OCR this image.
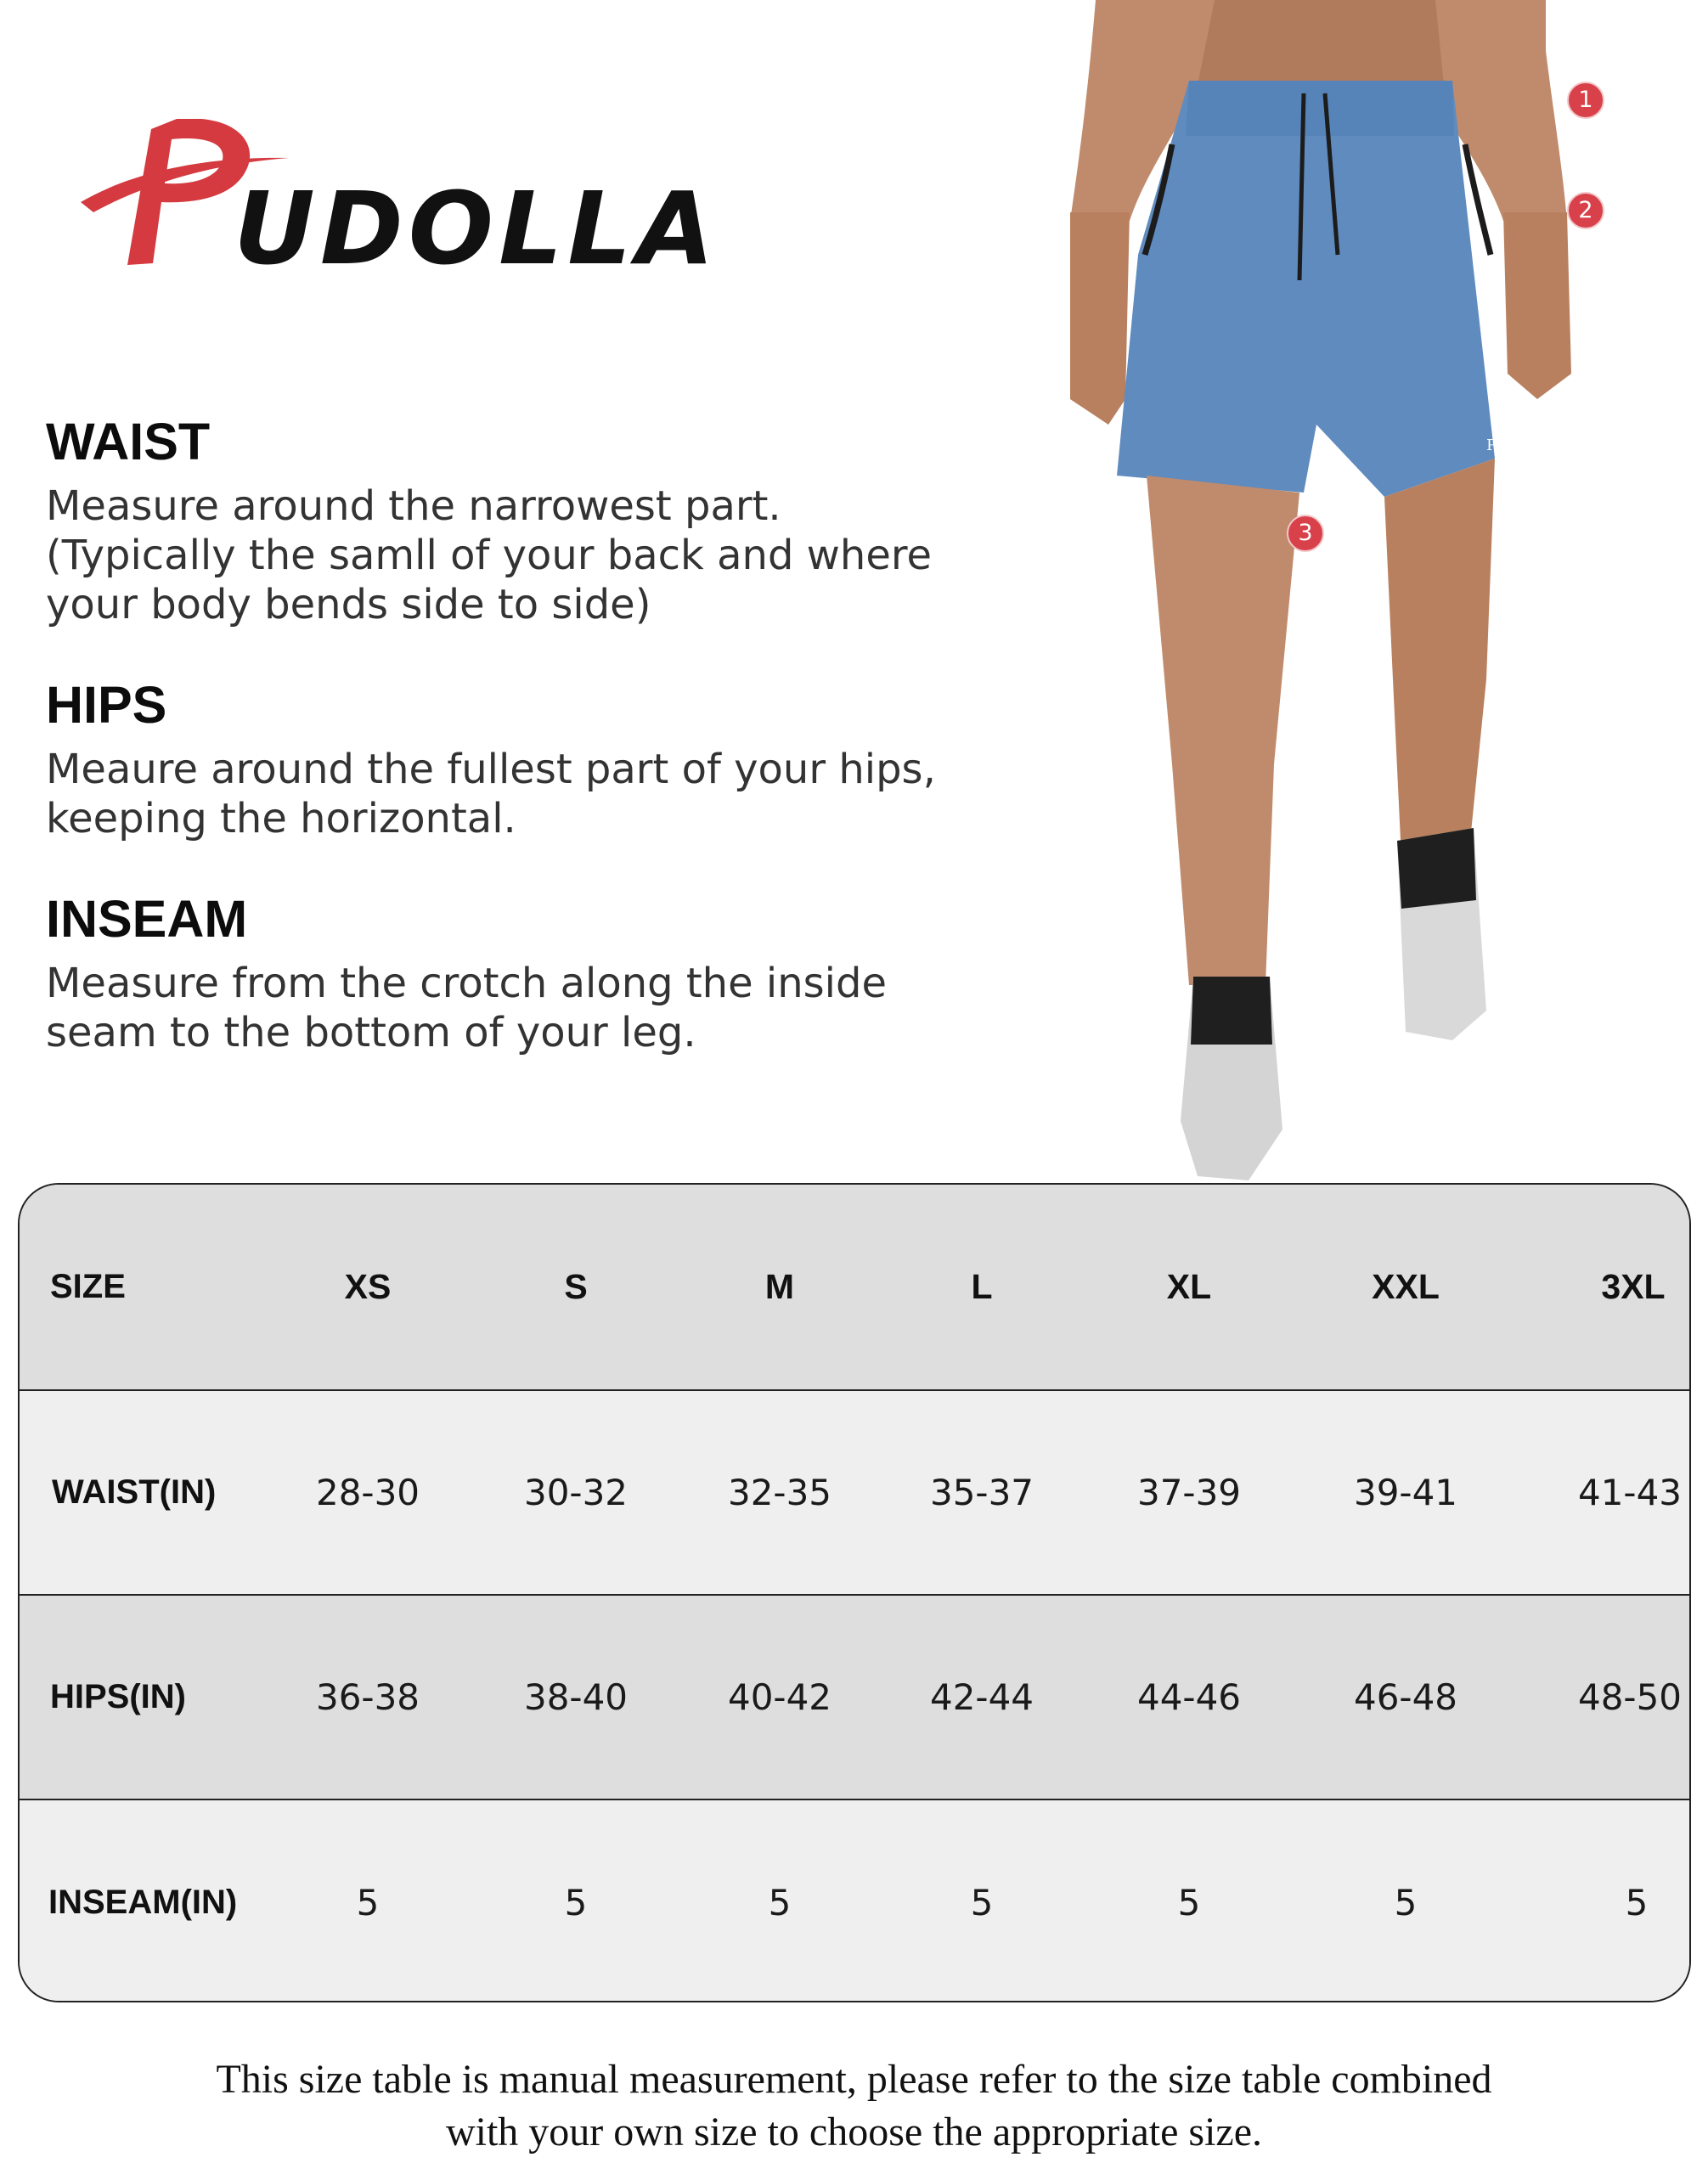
UDOLLA
WAIST

Measure around the narrowest part.
(Typically the samll of your back and where
your body bends side to side)

HIPS

Meaure around the fullest part of your hips,
keeping the horizontal.

INSEAM

Measure from the crotch along the inside
seam to the bottom of your leg.

Pudolla
1
2
3
SIZE	XS	S	M	L	XL	XXL	3XL
WAIST(IN)	28-30	30-32	32-35	35-37	37-39	39-41	41-43
HIPS(IN)	36-38	38-40	40-42	42-44	44-46	46-48	48-50
INSEAM(IN)	5	5	5	5	5	5	5
This size table is manual measurement, please refer to the size table combined
with your own size to choose the appropriate size.
